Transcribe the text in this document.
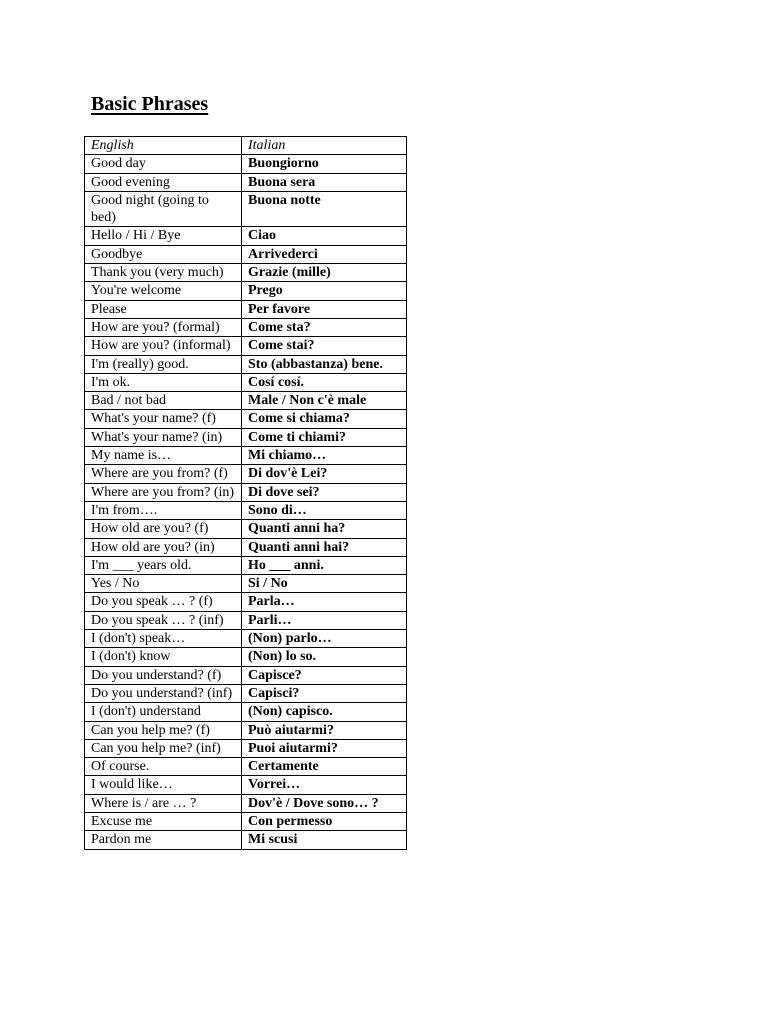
Basic Phrases
English	Italian
Good day	Buongiorno
Good evening	Buona sera
Good night (going to bed)	Buona notte
Hello / Hi / Bye	Ciao
Goodbye	Arrivederci
Thank you (very much)	Grazie (mille)
You're welcome	Prego
Please	Per favore
How are you? (formal)	Come sta?
How are you? (informal)	Come stai?
I'm (really) good.	Sto (abbastanza) bene.
I'm ok.	Cosí cosí.
Bad / not bad	Male / Non c'è male
What's your name? (f)	Come si chiama?
What's your name? (in)	Come ti chiami?
My name is…	Mi chiamo…
Where are you from? (f)	Di dov'è Lei?
Where are you from? (in)	Di dove sei?
I'm from….	Sono di…
How old are you? (f)	Quanti anni ha?
How old are you? (in)	Quanti anni hai?
I'm ___ years old.	Ho ___ anni.
Yes / No	Si / No
Do you speak … ? (f)	Parla…
Do you speak … ? (inf)	Parli…
I (don't) speak…	(Non) parlo…
I (don't) know	(Non) lo so.
Do you understand? (f)	Capisce?
Do you understand? (inf)	Capisci?
I (don't) understand	(Non) capisco.
Can you help me? (f)	Può aiutarmi?
Can you help me? (inf)	Puoi aiutarmi?
Of course.	Certamente
I would like…	Vorrei…
Where is / are … ?	Dov'è / Dove sono… ?
Excuse me	Con permesso
Pardon me	Mi scusi
